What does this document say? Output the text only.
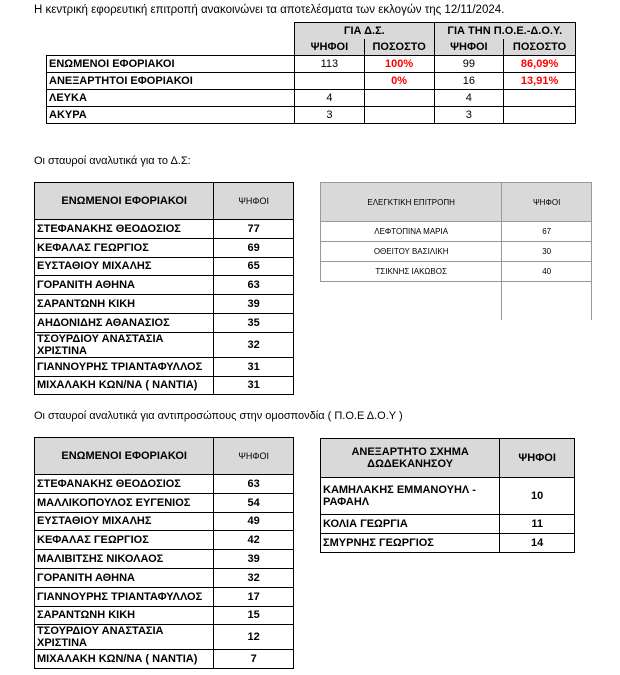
Η κεντρική εφορευτική επιτροπή ανακοινώνει τα αποτελέσματα των εκλογών της 12/11/2024.
	ΓΙΑ Δ.Σ.		ΓΙΑ ΤΗΝ Π.Ο.Ε.-Δ.Ο.Υ.	
	ΨΗΦΟΙ	ΠΟΣΟΣΤΟ	ΨΗΦΟΙ	ΠΟΣΟΣΤΟ
ΕΝΩΜΕΝΟΙ ΕΦΟΡΙΑΚΟΙ	113	100%	99	86,09%
ΑΝΕΞΑΡΤΗΤΟΙ ΕΦΟΡΙΑΚΟΙ		0%	16	13,91%
ΛΕΥΚΑ	4		4	
ΑΚΥΡΑ	3		3	
Οι σταυροί αναλυτικά για το Δ.Σ:
ΕΝΩΜΕΝΟΙ ΕΦΟΡΙΑΚΟΙ	ΨΗΦΟΙ
ΣΤΕΦΑΝΑΚΗΣ ΘΕΟΔΟΣΙΟΣ	77
ΚΕΦΑΛΑΣ ΓΕΩΡΓΙΟΣ	69
ΕΥΣΤΑΘΙΟΥ ΜΙΧΑΛΗΣ	65
ΓΟΡΑΝΙΤΗ ΑΘΗΝΑ	63
ΣΑΡΑΝΤΩΝΗ ΚΙΚΗ	39
ΑΗΔΟΝΙΔΗΣ ΑΘΑΝΑΣΙΟΣ	35
ΤΣΟΥΡΔΙΟΥ ΑΝΑΣΤΑΣΙΑ ΧΡΙΣΤΙΝΑ	32
ΓΙΑΝΝΟΥΡΗΣ ΤΡΙΑΝΤΑΦΥΛΛΟΣ	31
ΜΙΧΑΛΑΚΗ ΚΩΝ/ΝΑ ( ΝΑΝΤΙΑ)	31
ΕΛΕΓΚΤΙΚΗ ΕΠΙΤΡΟΠΗ	ΨΗΦΟΙ
ΛΕΦΤΟΠΙΝΑ ΜΑΡΙΑ	67
ΟΘΕΙΤΟΥ ΒΑΣΙΛΙΚΗ	30
ΤΣΙΚΝΗΣ ΙΑΚΩΒΟΣ	40

Οι σταυροί αναλυτικά για αντιπροσώπους στην ομοσπονδία ( Π.Ο.Ε Δ.Ο.Υ )
ΕΝΩΜΕΝΟΙ ΕΦΟΡΙΑΚΟΙ	ΨΗΦΟΙ
ΣΤΕΦΑΝΑΚΗΣ ΘΕΟΔΟΣΙΟΣ	63
ΜΑΛΛΙΚΟΠΟΥΛΟΣ ΕΥΓΕΝΙΟΣ	54
ΕΥΣΤΑΘΙΟΥ ΜΙΧΑΛΗΣ	49
ΚΕΦΑΛΑΣ ΓΕΩΡΓΙΟΣ	42
ΜΑΛΙΒΙΤΣΗΣ ΝΙΚΟΛΑΟΣ	39
ΓΟΡΑΝΙΤΗ ΑΘΗΝΑ	32
ΓΙΑΝΝΟΥΡΗΣ ΤΡΙΑΝΤΑΦΥΛΛΟΣ	17
ΣΑΡΑΝΤΩΝΗ ΚΙΚΗ	15
ΤΣΟΥΡΔΙΟΥ ΑΝΑΣΤΑΣΙΑ ΧΡΙΣΤΙΝΑ	12
ΜΙΧΑΛΑΚΗ ΚΩΝ/ΝΑ ( ΝΑΝΤΙΑ)	7
ΑΝΕΞΑΡΤΗΤΟ ΣΧΗΜΑ
ΔΩΔΕΚΑΝΗΣΟΥ	ΨΗΦΟΙ

ΚΑΜΗΛΑΚΗΣ ΕΜΜΑΝΟΥΗΛ -
ΡΑΦΑΗΛ	10
ΚΟΛΙΑ ΓΕΩΡΓΙΑ	11
ΣΜΥΡΝΗΣ ΓΕΩΡΓΙΟΣ	14
